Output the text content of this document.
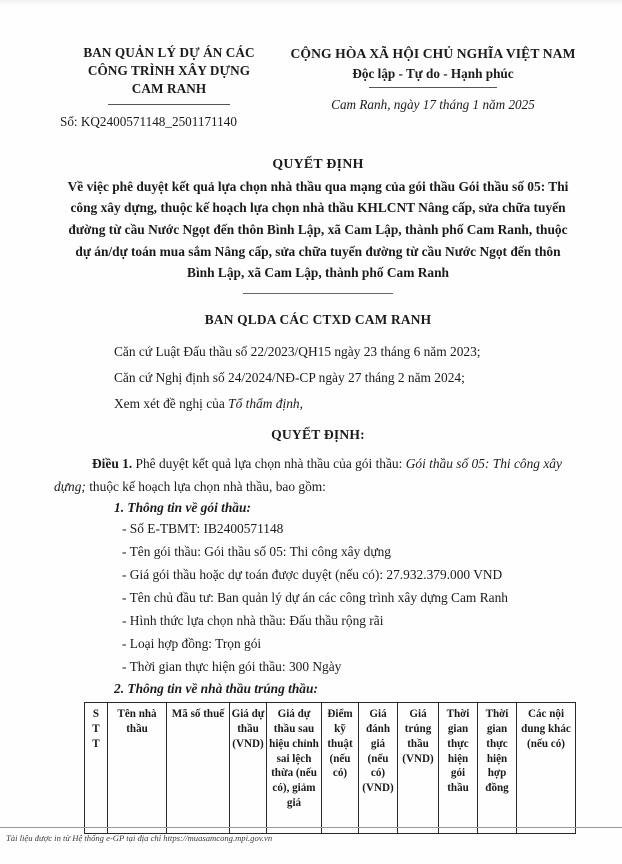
BAN QUẢN LÝ DỰ ÁN CÁC
CÔNG TRÌNH XÂY DỰNG
CAM RANH
Số: KQ2400571148_2501171140
CỘNG HÒA XÃ HỘI CHỦ NGHĨA VIỆT NAM
Độc lập - Tự do - Hạnh phúc
Cam Ranh, ngày 17 tháng 1 năm 2025
QUYẾT ĐỊNH
Về việc phê duyệt kết quả lựa chọn nhà thầu qua mạng của gói thầu Gói thầu số 05: Thi công xây dựng, thuộc kế hoạch lựa chọn nhà thầu KHLCNT Nâng cấp, sửa chữa tuyến đường từ cầu Nước Ngọt đến thôn Bình Lập, xã Cam Lập, thành phố Cam Ranh, thuộc dự án/dự toán mua sắm Nâng cấp, sửa chữa tuyến đường từ cầu Nước Ngọt đến thôn Bình Lập, xã Cam Lập, thành phố Cam Ranh
BAN QLDA CÁC CTXD CAM RANH
Căn cứ Luật Đấu thầu số 22/2023/QH15 ngày 23 tháng 6 năm 2023;
Căn cứ Nghị định số 24/2024/NĐ-CP ngày 27 tháng 2 năm 2024;
Xem xét đề nghị của Tổ thẩm định,
QUYẾT ĐỊNH:
Điều 1. Phê duyệt kết quả lựa chọn nhà thầu của gói thầu: Gói thầu số 05: Thi công xây dựng; thuộc kế hoạch lựa chọn nhà thầu, bao gồm:
1. Thông tin về gói thầu:
- Số E-TBMT: IB2400571148
- Tên gói thầu: Gói thầu số 05: Thi công xây dựng
- Giá gói thầu hoặc dự toán được duyệt (nếu có): 27.932.379.000 VND
- Tên chủ đầu tư: Ban quản lý dự án các công trình xây dựng Cam Ranh
- Hình thức lựa chọn nhà thầu: Đấu thầu rộng rãi
- Loại hợp đồng: Trọn gói
- Thời gian thực hiện gói thầu: 300 Ngày
2. Thông tin về nhà thầu trúng thầu:
S
T
T
	Tên nhà thầu	Mã số thuế	Giá dự thầu (VND)	Giá dự thầu sau hiệu chỉnh sai lệch thừa (nếu có), giảm giá	Điểm kỹ thuật (nếu có)	Giá đánh giá (nếu có) (VND)	Giá trúng thầu (VND)	Thời gian thực hiện gói thầu	Thời gian thực hiện hợp đồng	Các nội dung khác (nếu có)
Tài liệu được in từ Hệ thống e-GP tại địa chỉ https://muasamcong.mpi.gov.vn
